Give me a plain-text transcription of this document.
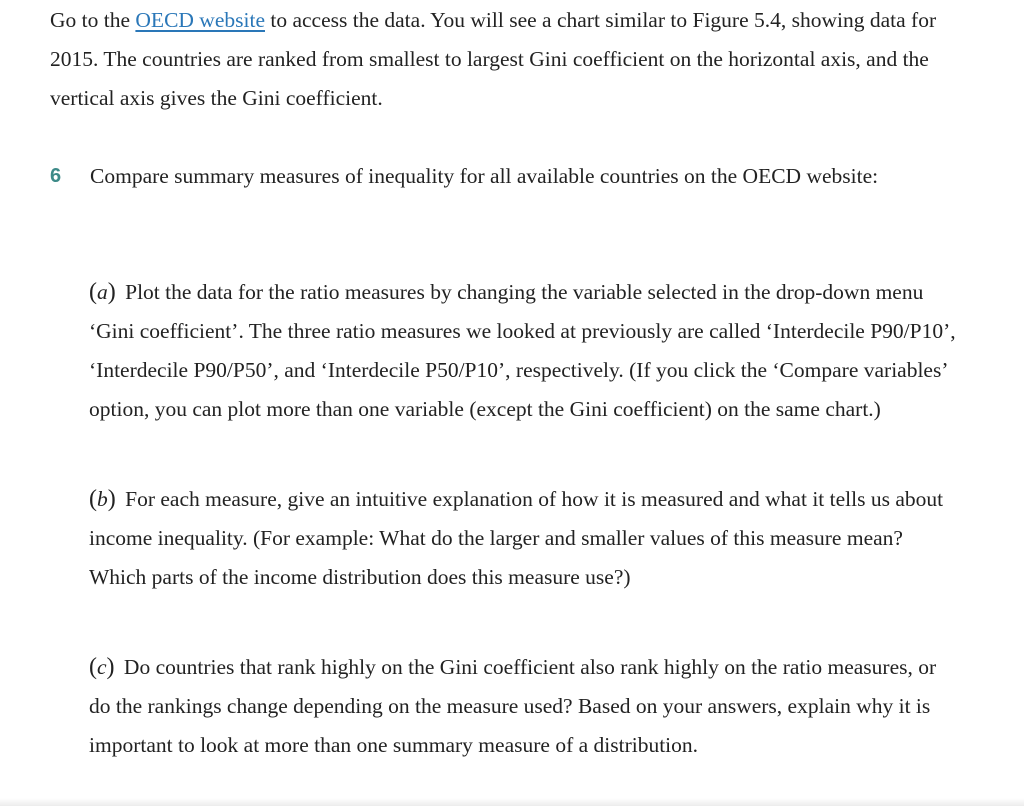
Go to the OECD website to access the data. You will see a chart similar to Figure 5.4, showing data for 2015. The countries are ranked from smallest to largest Gini coefficient on the horizontal axis, and the vertical axis gives the Gini coefficient.

6 Compare summary measures of inequality for all available countries on the OECD website:

(a) Plot the data for the ratio measures by changing the variable selected in the drop-down menu ‘Gini coefficient’. The three ratio measures we looked at previously are called ‘Interdecile P90/P10’, ‘Interdecile P90/P50’, and ‘Interdecile P50/P10’, respectively. (If you click the ‘Compare variables’ option, you can plot more than one variable (except the Gini coefficient) on the same chart.)

(b) For each measure, give an intuitive explanation of how it is measured and what it tells us about income inequality. (For example: What do the larger and smaller values of this measure mean? Which parts of the income distribution does this measure use?)

(c) Do countries that rank highly on the Gini coefficient also rank highly on the ratio measures, or do the rankings change depending on the measure used? Based on your answers, explain why it is important to look at more than one summary measure of a distribution.
